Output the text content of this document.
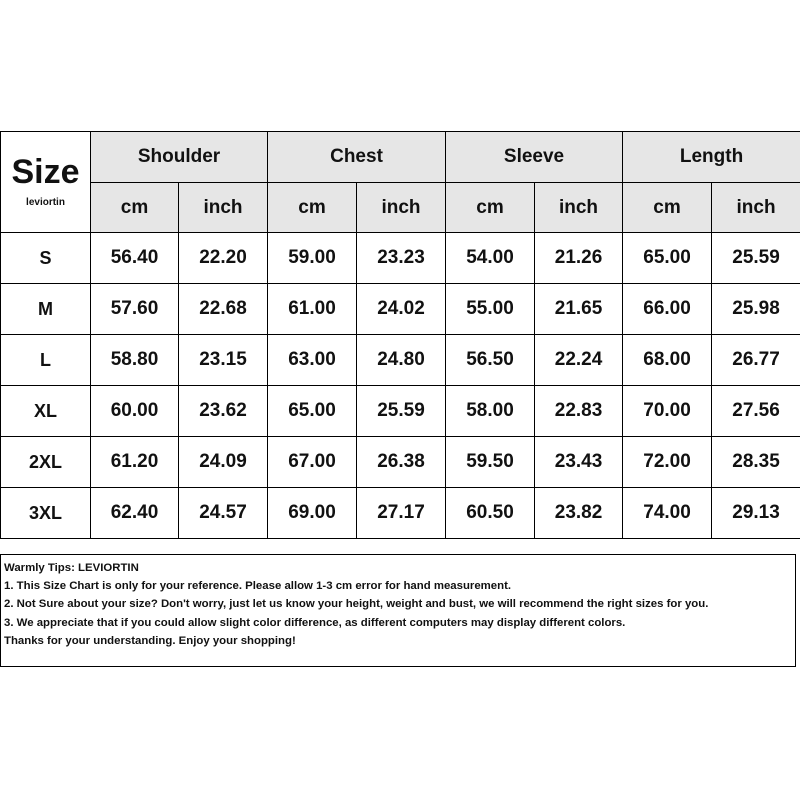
Size
leviortin	Shoulder		Chest		Sleeve		Length	
	cm	inch	cm	inch	cm	inch	cm	inch
S	56.40	22.20	59.00	23.23	54.00	21.26	65.00	25.59
M	57.60	22.68	61.00	24.02	55.00	21.65	66.00	25.98
L	58.80	23.15	63.00	24.80	56.50	22.24	68.00	26.77
XL	60.00	23.62	65.00	25.59	58.00	22.83	70.00	27.56
2XL	61.20	24.09	67.00	26.38	59.50	23.43	72.00	28.35
3XL	62.40	24.57	69.00	27.17	60.50	23.82	74.00	29.13
Warmly Tips: LEVIORTIN
1. This Size Chart is only for your reference. Please allow 1-3 cm error for hand measurement.
2. Not Sure about your size? Don't worry, just let us know your height, weight and bust, we will recommend the right sizes for you.
3. We appreciate that if you could allow slight color difference, as different computers may display different colors.
Thanks for your understanding. Enjoy your shopping!
